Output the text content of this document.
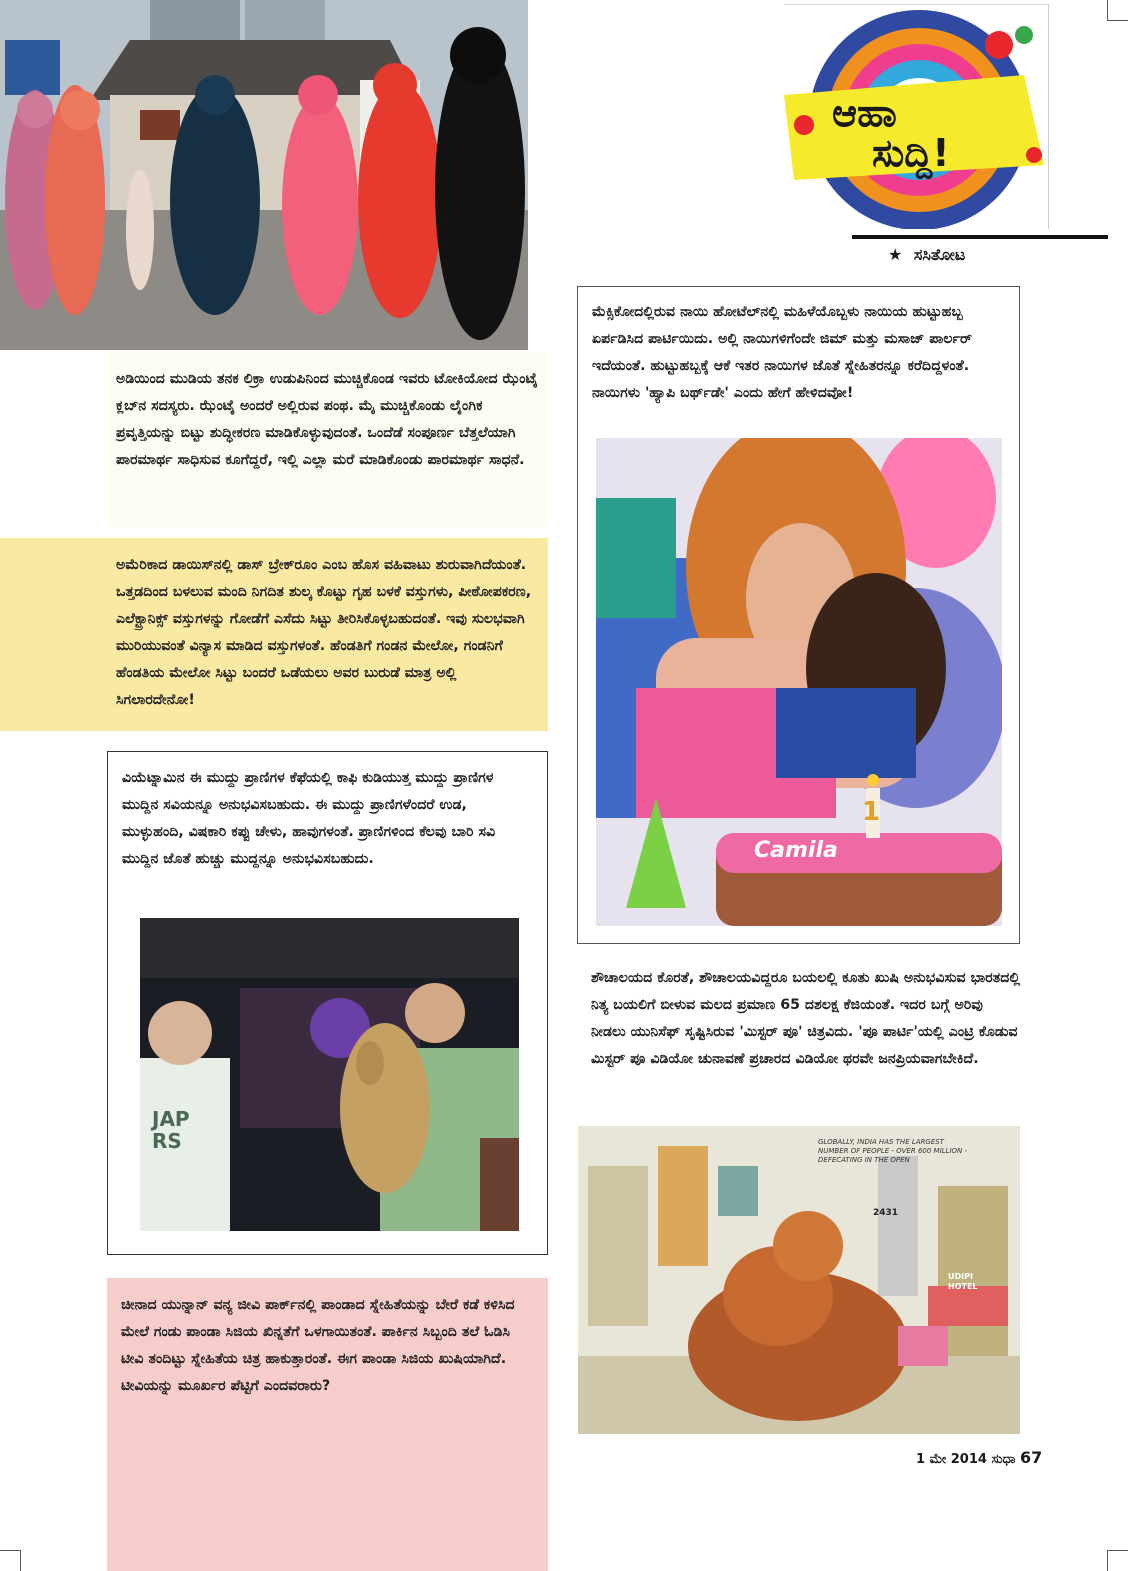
ಆಹಾ
ಸುದ್ದಿ!
★ ಸಸಿತೋಟ
ಅಡಿಯಿಂದ ಮುಡಿಯ ತನಕ ಲಿಕ್ರಾ ಉಡುಪಿನಿಂದ ಮುಚ್ಚಿಕೊಂಡ ಇವರು ಟೋಕಿಯೋದ ಝೆಂಟೈ ಕ್ಲಬ್‌ನ ಸದಸ್ಯರು. ಝೆಂಟೈ ಅಂದರೆ ಅಲ್ಲಿರುವ ಪಂಥ. ಮೈ ಮುಚ್ಚಿಕೊಂಡು ಲೈಂಗಿಕ ಪ್ರವೃತ್ತಿಯನ್ನು ಬಿಟ್ಟು ಶುದ್ಧೀಕರಣ ಮಾಡಿಕೊಳ್ಳುವುದಂತೆ. ಒಂದೆಡೆ ಸಂಪೂರ್ಣ ಬೆತ್ತಲೆಯಾಗಿ ಪಾರಮಾರ್ಥ ಸಾಧಿಸುವ ಕೂಗೆದ್ದರೆ, ಇಲ್ಲಿ ಎಲ್ಲಾ ಮರೆ ಮಾಡಿಕೊಂಡು ಪಾರಮಾರ್ಥ ಸಾಧನೆ.
ಅಮೆರಿಕಾದ ಡಾಯಿಸ್‌ನಲ್ಲಿ ಡಾಸ್ ಬ್ರೇಕ್‌ರೂಂ ಎಂಬ ಹೊಸ ವಹಿವಾಟು ಶುರುವಾಗಿದೆಯಂತೆ. ಒತ್ತಡದಿಂದ ಬಳಲುವ ಮಂದಿ ನಿಗದಿತ ಶುಲ್ಕ ಕೊಟ್ಟು ಗೃಹ ಬಳಕೆ ವಸ್ತುಗಳು, ಪೀಠೋಪಕರಣ, ಎಲೆಕ್ಟ್ರಾನಿಕ್ಸ್ ವಸ್ತುಗಳನ್ನು ಗೋಡೆಗೆ ಎಸೆದು ಸಿಟ್ಟು ತೀರಿಸಿಕೊಳ್ಳಬಹುದಂತೆ. ಇವು ಸುಲಭವಾಗಿ ಮುರಿಯುವಂತೆ ವಿನ್ಯಾಸ ಮಾಡಿದ ವಸ್ತುಗಳಂತೆ. ಹೆಂಡತಿಗೆ ಗಂಡನ ಮೇಲೋ, ಗಂಡನಿಗೆ ಹೆಂಡತಿಯ ಮೇಲೋ ಸಿಟ್ಟು ಬಂದರೆ ಒಡೆಯಲು ಅವರ ಬುರುಡೆ ಮಾತ್ರ ಅಲ್ಲಿ ಸಿಗಲಾರದೇನೋ!
ವಿಯೆಟ್ನಾಮಿನ ಈ ಮುದ್ದು ಪ್ರಾಣಿಗಳ ಕೆಫೆಯಲ್ಲಿ ಕಾಫಿ ಕುಡಿಯುತ್ತ ಮುದ್ದು ಪ್ರಾಣಿಗಳ ಮುದ್ದಿನ ಸವಿಯನ್ನೂ ಅನುಭವಿಸಬಹುದು. ಈ ಮುದ್ದು ಪ್ರಾಣಿಗಳೆಂದರೆ ಉಡ, ಮುಳ್ಳುಹಂದಿ, ವಿಷಕಾರಿ ಕಪ್ಪು ಚೇಳು, ಹಾವುಗಳಂತೆ. ಪ್ರಾಣಿಗಳಿಂದ ಕೆಲವು ಬಾರಿ ಸವಿ ಮುದ್ದಿನ ಜೊತೆ ಹುಚ್ಚು ಮುದ್ದನ್ನೂ ಅನುಭವಿಸಬಹುದು.
JAP RS
ಚೀನಾದ ಯುನ್ನಾನ್ ವನ್ಯ ಜೀವಿ ಪಾರ್ಕ್‌ನಲ್ಲಿ ಪಾಂಡಾದ ಸ್ನೇಹಿತೆಯನ್ನು ಬೇರೆ ಕಡೆ ಕಳಿಸಿದ ಮೇಲೆ ಗಂಡು ಪಾಂಡಾ ಸಿಜಿಯ ಖಿನ್ನತೆಗೆ ಒಳಗಾಯಿತಂತೆ. ಪಾರ್ಕಿನ ಸಿಬ್ಬಂದಿ ತಲೆ ಓಡಿಸಿ ಟೀವಿ ತಂದಿಟ್ಟು ಸ್ನೇಹಿತೆಯ ಚಿತ್ರ ಹಾಕುತ್ತಾರಂತೆ. ಈಗ ಪಾಂಡಾ ಸಿಜಿಯ ಖುಷಿಯಾಗಿದೆ. ಟೀವಿಯನ್ನು ಮೂರ್ಖರ ಪೆಟ್ಟಿಗೆ ಎಂದವರಾರು?
ಮೆಕ್ಸಿಕೋದಲ್ಲಿರುವ ನಾಯಿ ಹೋಟೆಲ್‌ನಲ್ಲಿ ಮಹಿಳೆಯೊಬ್ಬಳು ನಾಯಿಯ ಹುಟ್ಟುಹಬ್ಬ ಏರ್ಪಡಿಸಿದ ಪಾರ್ಟಿಯಿದು. ಅಲ್ಲಿ ನಾಯಿಗಳಿಗೆಂದೇ ಜಿಮ್ ಮತ್ತು ಮಸಾಜ್ ಪಾರ್ಲರ್ ಇದೆಯಂತೆ. ಹುಟ್ಟುಹಬ್ಬಕ್ಕೆ ಆಕೆ ಇತರ ನಾಯಿಗಳ ಜೊತೆ ಸ್ನೇಹಿತರನ್ನೂ ಕರೆದಿದ್ದಳಂತೆ. ನಾಯಿಗಳು 'ಹ್ಯಾಪಿ ಬರ್ಥ್‌ಡೇ' ಎಂದು ಹೇಗೆ ಹೇಳಿದವೋ!
Camila
1
ಶೌಚಾಲಯದ ಕೊರತೆ, ಶೌಚಾಲಯವಿದ್ದರೂ ಬಯಲಲ್ಲಿ ಕೂತು ಖುಷಿ ಅನುಭವಿಸುವ ಭಾರತದಲ್ಲಿ ನಿತ್ಯ ಬಯಲಿಗೆ ಬೀಳುವ ಮಲದ ಪ್ರಮಾಣ 65 ದಶಲಕ್ಷ ಕೆಜಿಯಂತೆ. ಇದರ ಬಗ್ಗೆ ಅರಿವು ನೀಡಲು ಯುನಿಸೆಫ್ ಸೃಷ್ಟಿಸಿರುವ 'ಮಿಸ್ಟರ್ ಪೂ' ಚಿತ್ರವಿದು. 'ಪೂ ಪಾರ್ಟಿ'ಯಲ್ಲಿ ಎಂಟ್ರಿ ಕೊಡುವ ಮಿಸ್ಟರ್ ಪೂ ವಿಡಿಯೋ ಚುನಾವಣೆ ಪ್ರಚಾರದ ವಿಡಿಯೋ ಥರವೇ ಜನಪ್ರಿಯವಾಗಬೇಕಿದೆ.
GLOBALLY, INDIA HAS THE LARGEST NUMBER OF PEOPLE - OVER 600 MILLION - DEFECATING IN THE OPEN
UDIPI HOTEL
2431
1 ಮೇ 2014 ಸುಧಾ 67
